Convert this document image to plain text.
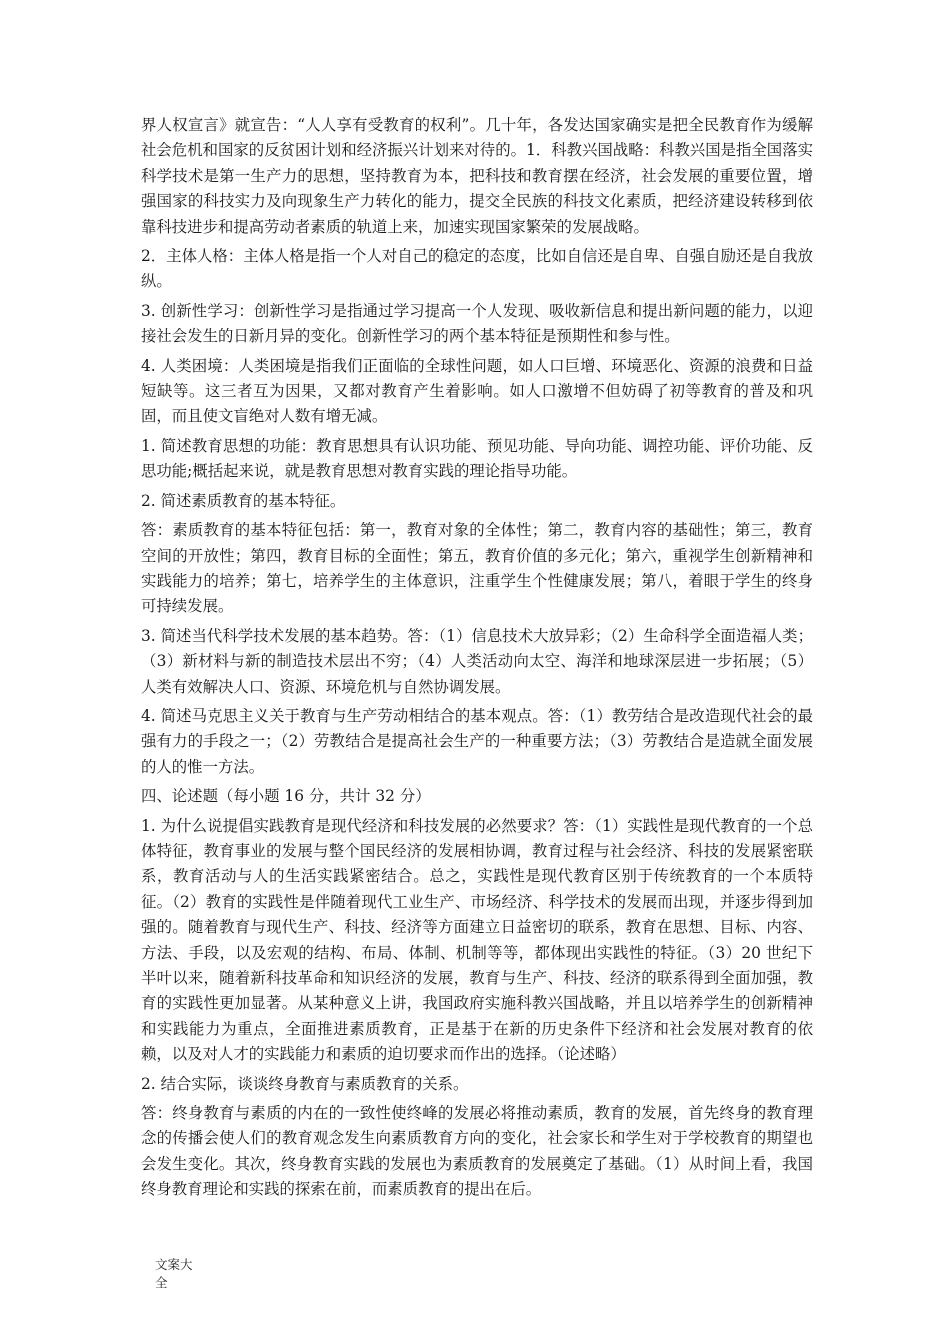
界人权宣言》就宣告：“人人享有受教育的权利”。几十年，各发达国家确实是把全民教育作为缓解社会危机和国家的反贫困计划和经济振兴计划来对待的。1．科教兴国战略：科教兴国是指全国落实科学技术是第一生产力的思想，坚持教育为本，把科技和教育摆在经济，社会发展的重要位置，增强国家的科技实力及向现象生产力转化的能力，提交全民族的科技文化素质，把经济建设转移到依靠科技进步和提高劳动者素质的轨道上来，加速实现国家繁荣的发展战略。

2．主体人格：主体人格是指一个人对自己的稳定的态度，比如自信还是自卑、自强自励还是自我放纵。

3. 创新性学习：创新性学习是指通过学习提高一个人发现、吸收新信息和提出新问题的能力，以迎接社会发生的日新月异的变化。创新性学习的两个基本特征是预期性和参与性。

4. 人类困境：人类困境是指我们正面临的全球性问题，如人口巨增、环境恶化、资源的浪费和日益短缺等。这三者互为因果，又都对教育产生着影响。如人口激增不但妨碍了初等教育的普及和巩固，而且使文盲绝对人数有增无减。

1. 简述教育思想的功能：教育思想具有认识功能、预见功能、导向功能、调控功能、评价功能、反思功能;概括起来说，就是教育思想对教育实践的理论指导功能。

2. 简述素质教育的基本特征。

答：素质教育的基本特征包括：第一，教育对象的全体性；第二，教育内容的基础性；第三，教育空间的开放性；第四，教育目标的全面性；第五，教育价值的多元化；第六，重视学生创新精神和实践能力的培养；第七，培养学生的主体意识，注重学生个性健康发展；第八，着眼于学生的终身可持续发展。

3. 简述当代科学技术发展的基本趋势。答：（1）信息技术大放异彩；（2）生命科学全面造福人类；（3）新材料与新的制造技术层出不穷；（4）人类活动向太空、海洋和地球深层进一步拓展；（5）人类有效解决人口、资源、环境危机与自然协调发展。

4. 简述马克思主义关于教育与生产劳动相结合的基本观点。答：（1）教劳结合是改造现代社会的最强有力的手段之一；（2）劳教结合是提高社会生产的一种重要方法；（3）劳教结合是造就全面发展的人的惟一方法。

四、论述题（每小题 16 分，共计 32 分）

1. 为什么说提倡实践教育是现代经济和科技发展的必然要求？答：（1）实践性是现代教育的一个总体特征，教育事业的发展与整个国民经济的发展相协调，教育过程与社会经济、科技的发展紧密联系，教育活动与人的生活实践紧密结合。总之，实践性是现代教育区别于传统教育的一个本质特征。（2）教育的实践性是伴随着现代工业生产、市场经济、科学技术的发展而出现，并逐步得到加强的。随着教育与现代生产、科技、经济等方面建立日益密切的联系，教育在思想、目标、内容、方法、手段，以及宏观的结构、布局、体制、机制等等，都体现出实践性的特征。（3）20 世纪下半叶以来，随着新科技革命和知识经济的发展，教育与生产、科技、经济的联系得到全面加强，教育的实践性更加显著。从某种意义上讲，我国政府实施科教兴国战略，并且以培养学生的创新精神和实践能力为重点，全面推进素质教育，正是基于在新的历史条件下经济和社会发展对教育的依赖，以及对人才的实践能力和素质的迫切要求而作出的选择。（论述略）

2. 结合实际，谈谈终身教育与素质教育的关系。

答：终身教育与素质的内在的一致性使终峰的发展必将推动素质，教育的发展，首先终身的教育理念的传播会使人们的教育观念发生向素质教育方向的变化，社会家长和学生对于学校教育的期望也会发生变化。其次，终身教育实践的发展也为素质教育的发展奠定了基础。（1）从时间上看，我国终身教育理论和实践的探索在前，而素质教育的提出在后。

文案大全
